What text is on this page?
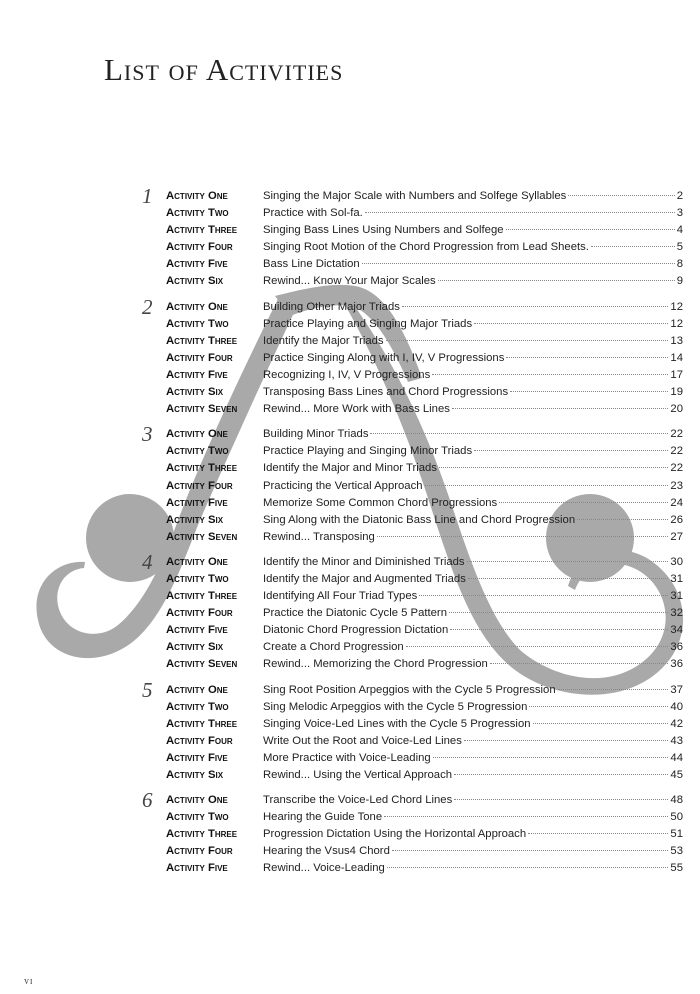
List of Activities
1 Activity One	Singing the Major Scale with Numbers and Solfege Syllables	2
Activity Two	Practice with Sol-fa.	3
Activity Three	Singing Bass Lines Using Numbers and Solfege	4
Activity Four	Singing Root Motion of the Chord Progression from Lead Sheets.	5
Activity Five	Bass Line Dictation	8
Activity Six	Rewind... Know Your Major Scales	9
2 Activity One	Building Other Major Triads	12
Activity Two	Practice Playing and Singing Major Triads	12
Activity Three	Identify the Major Triads	13
Activity Four	Practice Singing Along with I, IV, V Progressions	14
Activity Five	Recognizing I, IV, V Progressions	17
Activity Six	Transposing Bass Lines and Chord Progressions	19
Activity Seven	Rewind... More Work with Bass Lines	20
3 Activity One	Building Minor Triads	22
Activity Two	Practice Playing and Singing Minor Triads	22
Activity Three	Identify the Major and Minor Triads	22
Activity Four	Practicing the Vertical Approach	23
Activity Five	Memorize Some Common Chord Progressions	24
Activity Six	Sing Along with the Diatonic Bass Line and Chord Progression	26
Activity Seven	Rewind... Transposing	27
4 Activity One	Identify the Minor and Diminished Triads	30
Activity Two	Identify the Major and Augmented Triads	31
Activity Three	Identifying All Four Triad Types	31
Activity Four	Practice the Diatonic Cycle 5 Pattern	32
Activity Five	Diatonic Chord Progression Dictation	34
Activity Six	Create a Chord Progression	36
Activity Seven	Rewind... Memorizing the Chord Progression	36
5 Activity One	Sing Root Position Arpeggios with the Cycle 5 Progression	37
Activity Two	Sing Melodic Arpeggios with the Cycle 5 Progression	40
Activity Three	Singing Voice-Led Lines with the Cycle 5 Progression	42
Activity Four	Write Out the Root and Voice-Led Lines	43
Activity Five	More Practice with Voice-Leading	44
Activity Six	Rewind... Using the Vertical Approach	45
6 Activity One	Transcribe the Voice-Led Chord Lines	48
Activity Two	Hearing the Guide Tone	50
Activity Three	Progression Dictation Using the Horizontal Approach	51
Activity Four	Hearing the Vsus4 Chord	53
Activity Five	Rewind... Voice-Leading	55
vi
